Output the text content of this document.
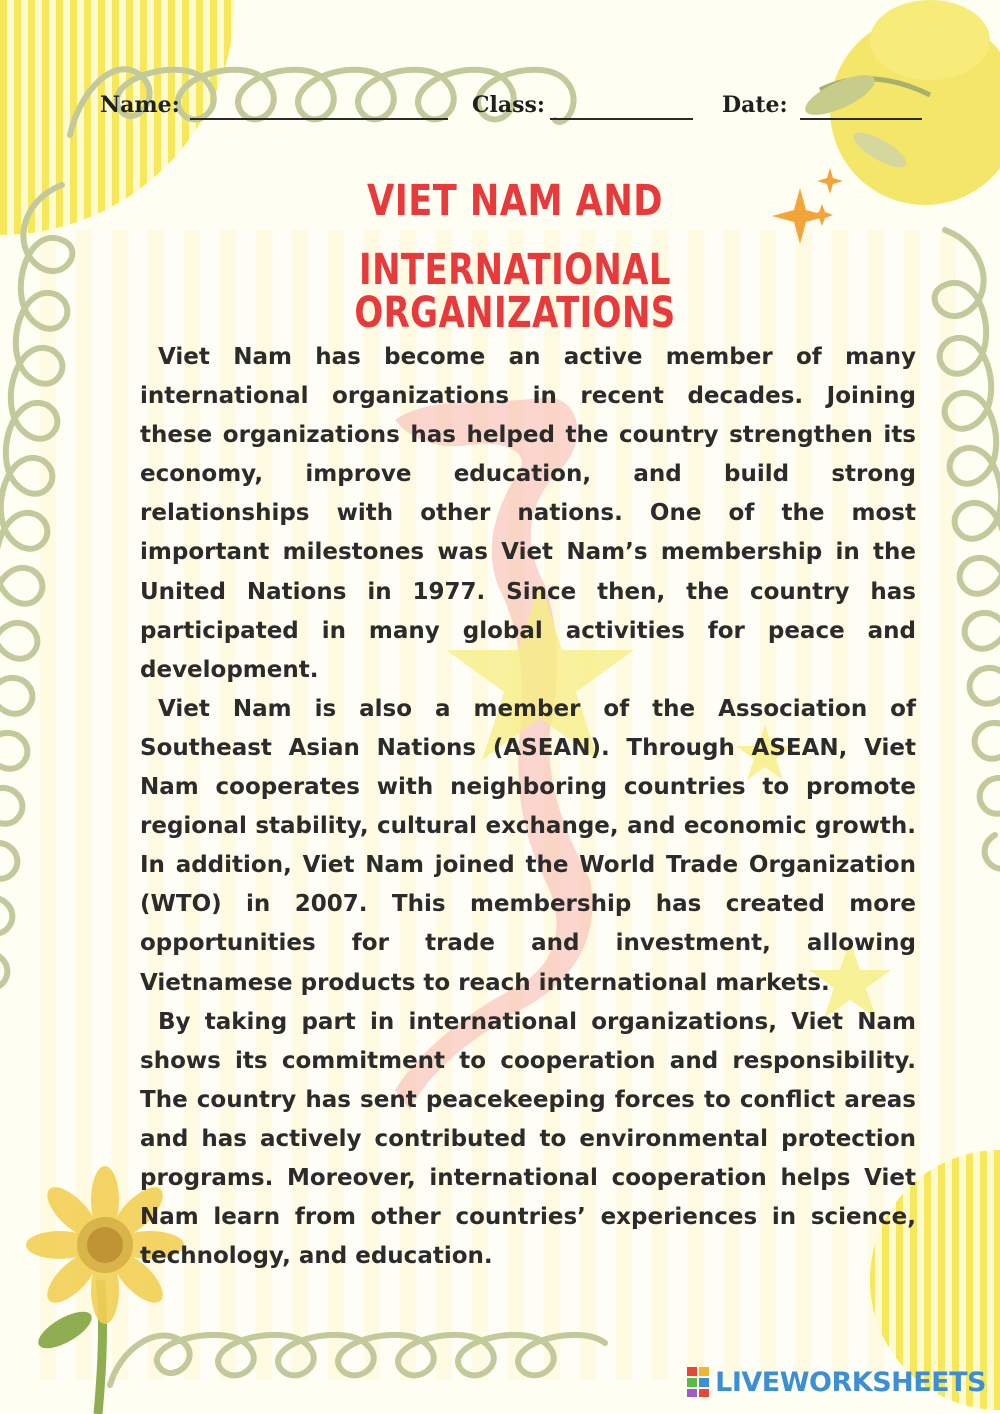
Name:	Class:	Date:
VIET NAM AND
INTERNATIONAL ORGANIZATIONS

Viet Nam has become an active member of many international organizations in recent decades. Joining these organizations has helped the country strengthen its economy, improve education, and build strong relationships with other nations. One of the most important milestones was Viet Nam’s membership in the United Nations in 1977. Since then, the country has participated in many global activities for peace and development.

Viet Nam is also a member of the Association of Southeast Asian Nations (ASEAN). Through ASEAN, Viet Nam cooperates with neighboring countries to promote regional stability, cultural exchange, and economic growth. In addition, Viet Nam joined the World Trade Organization (WTO) in 2007. This membership has created more opportunities for trade and investment, allowing Vietnamese products to reach international markets.

By taking part in international organizations, Viet Nam shows its commitment to cooperation and responsibility. The country has sent peacekeeping forces to conflict areas and has actively contributed to environmental protection programs. Moreover, international cooperation helps Viet Nam learn from other countries’ experiences in science, technology, and education.

LIVEWORKSHEETS
